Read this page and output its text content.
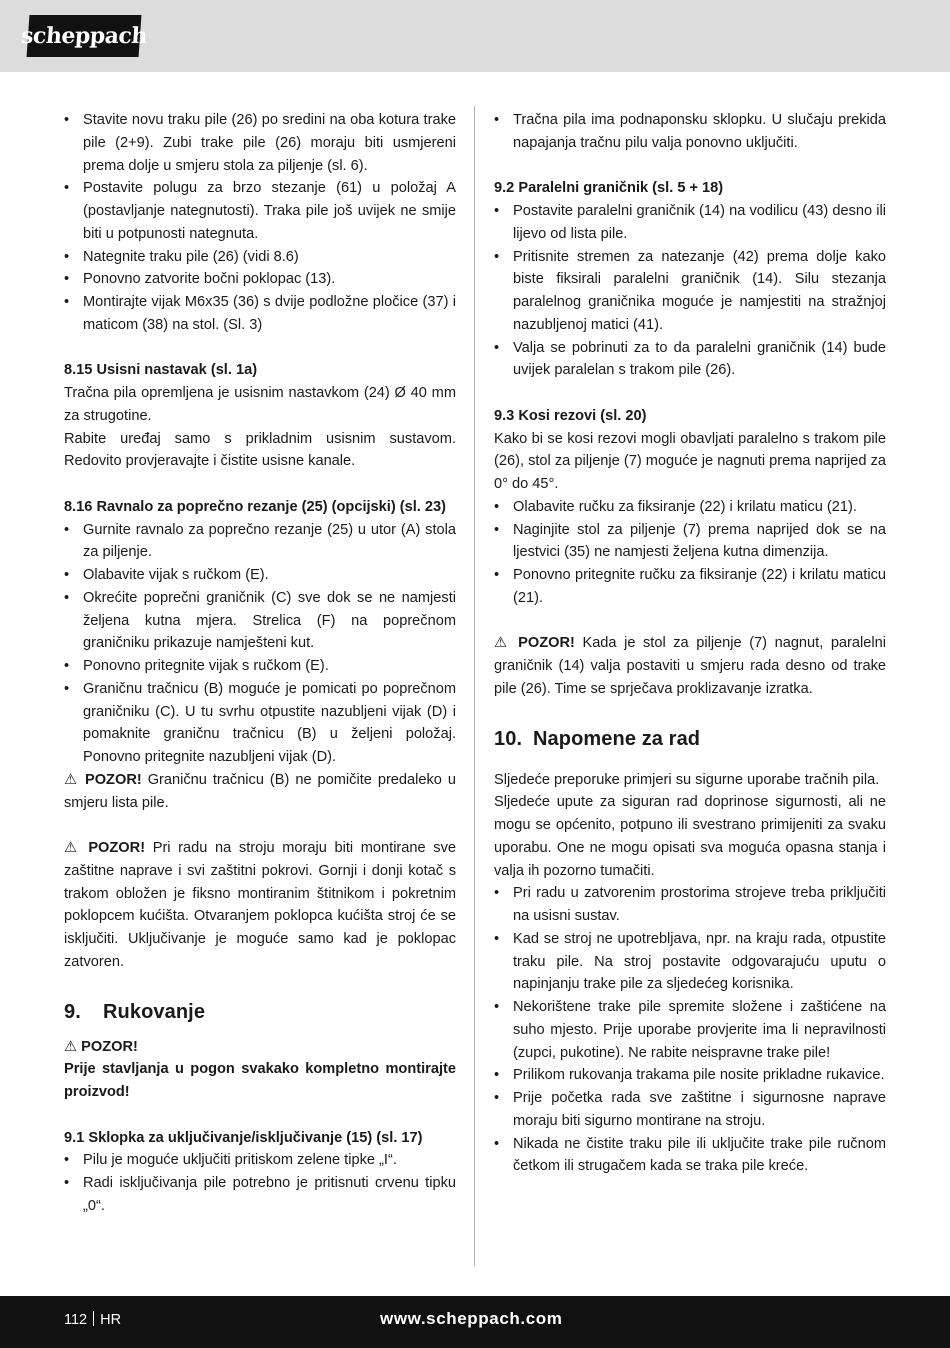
scheppach
• Stavite novu traku pile (26) po sredini na oba kotura trake pile (2+9). Zubi trake pile (26) moraju biti usmjereni prema dolje u smjeru stola za piljenje (sl. 6).
• Postavite polugu za brzo stezanje (61) u položaj A (postavljanje nategnutosti). Traka pile još uvijek ne smije biti u potpunosti nategnuta.
• Nategnite traku pile (26) (vidi 8.6)
• Ponovno zatvorite bočni poklopac (13).
• Montirajte vijak M6x35 (36) s dvije podložne pločice (37) i maticom (38) na stol. (Sl. 3)

8.15 Usisni nastavak (sl. 1a)

Tračna pila opremljena je usisnim nastavkom (24) Ø 40 mm za strugotine.

Rabite uređaj samo s prikladnim usisnim sustavom. Redovito provjeravajte i čistite usisne kanale.

8.16 Ravnalo za poprečno rezanje (25) (opcijski) (sl. 23)

• Gurnite ravnalo za poprečno rezanje (25) u utor (A) stola za piljenje.
• Olabavite vijak s ručkom (E).
• Okrećite poprečni graničnik (C) sve dok se ne namjesti željena kutna mjera. Strelica (F) na poprečnom graničniku prikazuje namješteni kut.
• Ponovno pritegnite vijak s ručkom (E).
• Graničnu tračnicu (B) moguće je pomicati po poprečnom graničniku (C). U tu svrhu otpustite nazubljeni vijak (D) i pomaknite graničnu tračnicu (B) u željeni položaj. Ponovno pritegnite nazubljeni vijak (D).

⚠ POZOR! Graničnu tračnicu (B) ne pomičite predaleko u smjeru lista pile.

⚠ POZOR! Pri radu na stroju moraju biti montirane sve zaštitne naprave i svi zaštitni pokrovi. Gornji i donji kotač s trakom obložen je fiksno montiranim štitnikom i pokretnim poklopcem kućišta. Otvaranjem poklopca kućišta stroj će se isključiti. Uključivanje je moguće samo kad je poklopac zatvoren.

9. Rukovanje

⚠ POZOR!

Prije stavljanja u pogon svakako kompletno montirajte proizvod!

9.1 Sklopka za uključivanje/isključivanje (15) (sl. 17)

• Pilu je moguće uključiti pritiskom zelene tipke „I“.
• Radi isključivanja pile potrebno je pritisnuti crvenu tipku „0“.
• Tračna pila ima podnaponsku sklopku. U slučaju prekida napajanja tračnu pilu valja ponovno uključiti.

9.2 Paralelni graničnik (sl. 5 + 18)

• Postavite paralelni graničnik (14) na vodilicu (43) desno ili lijevo od lista pile.
• Pritisnite stremen za natezanje (42) prema dolje kako biste fiksirali paralelni graničnik (14). Silu stezanja paralelnog graničnika moguće je namjestiti na stražnjoj nazubljenoj matici (41).
• Valja se pobrinuti za to da paralelni graničnik (14) bude uvijek paralelan s trakom pile (26).

9.3 Kosi rezovi (sl. 20)

Kako bi se kosi rezovi mogli obavljati paralelno s trakom pile (26), stol za piljenje (7) moguće je nagnuti prema naprijed za 0° do 45°.

• Olabavite ručku za fiksiranje (22) i krilatu maticu (21).
• Naginjite stol za piljenje (7) prema naprijed dok se na ljestvici (35) ne namjesti željena kutna dimenzija.
• Ponovno pritegnite ručku za fiksiranje (22) i krilatu maticu (21).

⚠ POZOR! Kada je stol za piljenje (7) nagnut, paralelni graničnik (14) valja postaviti u smjeru rada desno od trake pile (26). Time se sprječava proklizavanje izratka.

10. Napomene za rad

Sljedeće preporuke primjeri su sigurne uporabe tračnih pila.

Sljedeće upute za siguran rad doprinose sigurnosti, ali ne mogu se općenito, potpuno ili svestrano primijeniti za svaku uporabu. One ne mogu opisati sva moguća opasna stanja i valja ih pozorno tumačiti.

• Pri radu u zatvorenim prostorima strojeve treba priključiti na usisni sustav.
• Kad se stroj ne upotrebljava, npr. na kraju rada, otpustite traku pile. Na stroj postavite odgovarajuću uputu o napinjanju trake pile za sljedećeg korisnika.
• Nekorištene trake pile spremite složene i zaštićene na suho mjesto. Prije uporabe provjerite ima li nepravilnosti (zupci, pukotine). Ne rabite neispravne trake pile!
• Prilikom rukovanja trakama pile nosite prikladne rukavice.
• Prije početka rada sve zaštitne i sigurnosne naprave moraju biti sigurno montirane na stroju.
• Nikada ne čistite traku pile ili uključite trake pile ručnom četkom ili strugačem kada se traka pile kreće.
112 HR	www.scheppach.com
